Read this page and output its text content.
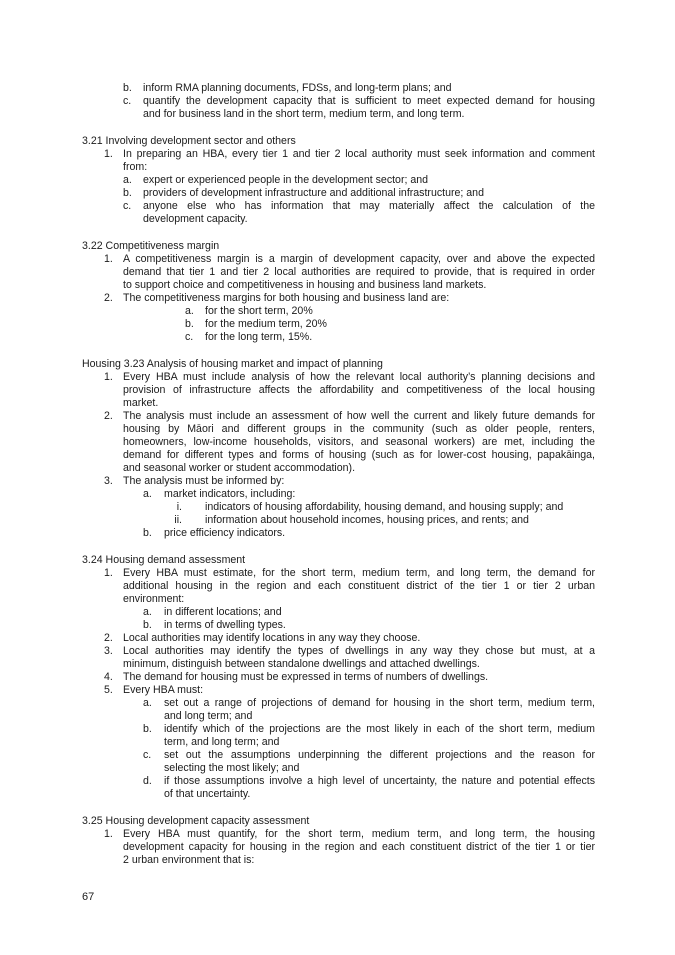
b. inform RMA planning documents, FDSs, and long-term plans; and
c. quantify the development capacity that is sufficient to meet expected demand for housing
and for business land in the short term, medium term, and long term.
3.21 Involving development sector and others
1. In preparing an HBA, every tier 1 and tier 2 local authority must seek information and comment
from:
a. expert or experienced people in the development sector; and
b. providers of development infrastructure and additional infrastructure; and
c. anyone else who has information that may materially affect the calculation of the
development capacity.
3.22 Competitiveness margin
1. A competitiveness margin is a margin of development capacity, over and above the expected
demand that tier 1 and tier 2 local authorities are required to provide, that is required in order
to support choice and competitiveness in housing and business land markets.
2. The competitiveness margins for both housing and business land are:
a. for the short term, 20%
b. for the medium term, 20%
c. for the long term, 15%.
Housing 3.23 Analysis of housing market and impact of planning
1. Every HBA must include analysis of how the relevant local authority’s planning decisions and
provision of infrastructure affects the affordability and competitiveness of the local housing
market.
2. The analysis must include an assessment of how well the current and likely future demands for
housing by Māori and different groups in the community (such as older people, renters,
homeowners, low-income households, visitors, and seasonal workers) are met, including the
demand for different types and forms of housing (such as for lower-cost housing, papakāinga,
and seasonal worker or student accommodation).
3. The analysis must be informed by:
a. market indicators, including:
i. indicators of housing affordability, housing demand, and housing supply; and
ii. information about household incomes, housing prices, and rents; and
b. price efficiency indicators.
3.24 Housing demand assessment
1. Every HBA must estimate, for the short term, medium term, and long term, the demand for
additional housing in the region and each constituent district of the tier 1 or tier 2 urban
environment:
a. in different locations; and
b. in terms of dwelling types.
2. Local authorities may identify locations in any way they choose.
3. Local authorities may identify the types of dwellings in any way they chose but must, at a
minimum, distinguish between standalone dwellings and attached dwellings.
4. The demand for housing must be expressed in terms of numbers of dwellings.
5. Every HBA must:
a. set out a range of projections of demand for housing in the short term, medium term,
and long term; and
b. identify which of the projections are the most likely in each of the short term, medium
term, and long term; and
c. set out the assumptions underpinning the different projections and the reason for
selecting the most likely; and
d. if those assumptions involve a high level of uncertainty, the nature and potential effects
of that uncertainty.
3.25 Housing development capacity assessment
1. Every HBA must quantify, for the short term, medium term, and long term, the housing
development capacity for housing in the region and each constituent district of the tier 1 or tier
2 urban environment that is:
67
